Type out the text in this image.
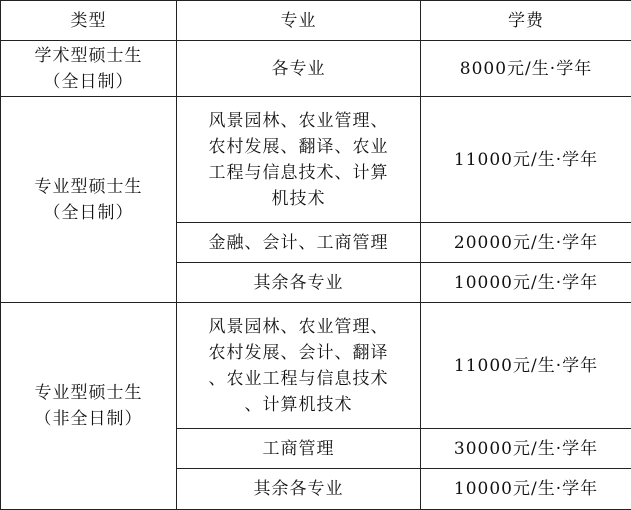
类型	专业	学费

学术型硕士生
（全日制）	各专业	8000元/生·学年

专业型硕士生
（全日制）	风景园林、农业管理、
农村发展、翻译、农业
工程与信息技术、计算
机技术	11000元/生·学年

	金融、会计、工商管理	20000元/生·学年

	其余各专业	10000元/生·学年

专业型硕士生
（非全日制）	风景园林、农业管理、
农村发展、会计、翻译
、农业工程与信息技术
、计算机技术	11000元/生·学年

	工商管理	30000元/生·学年

	其余各专业	10000元/生·学年
